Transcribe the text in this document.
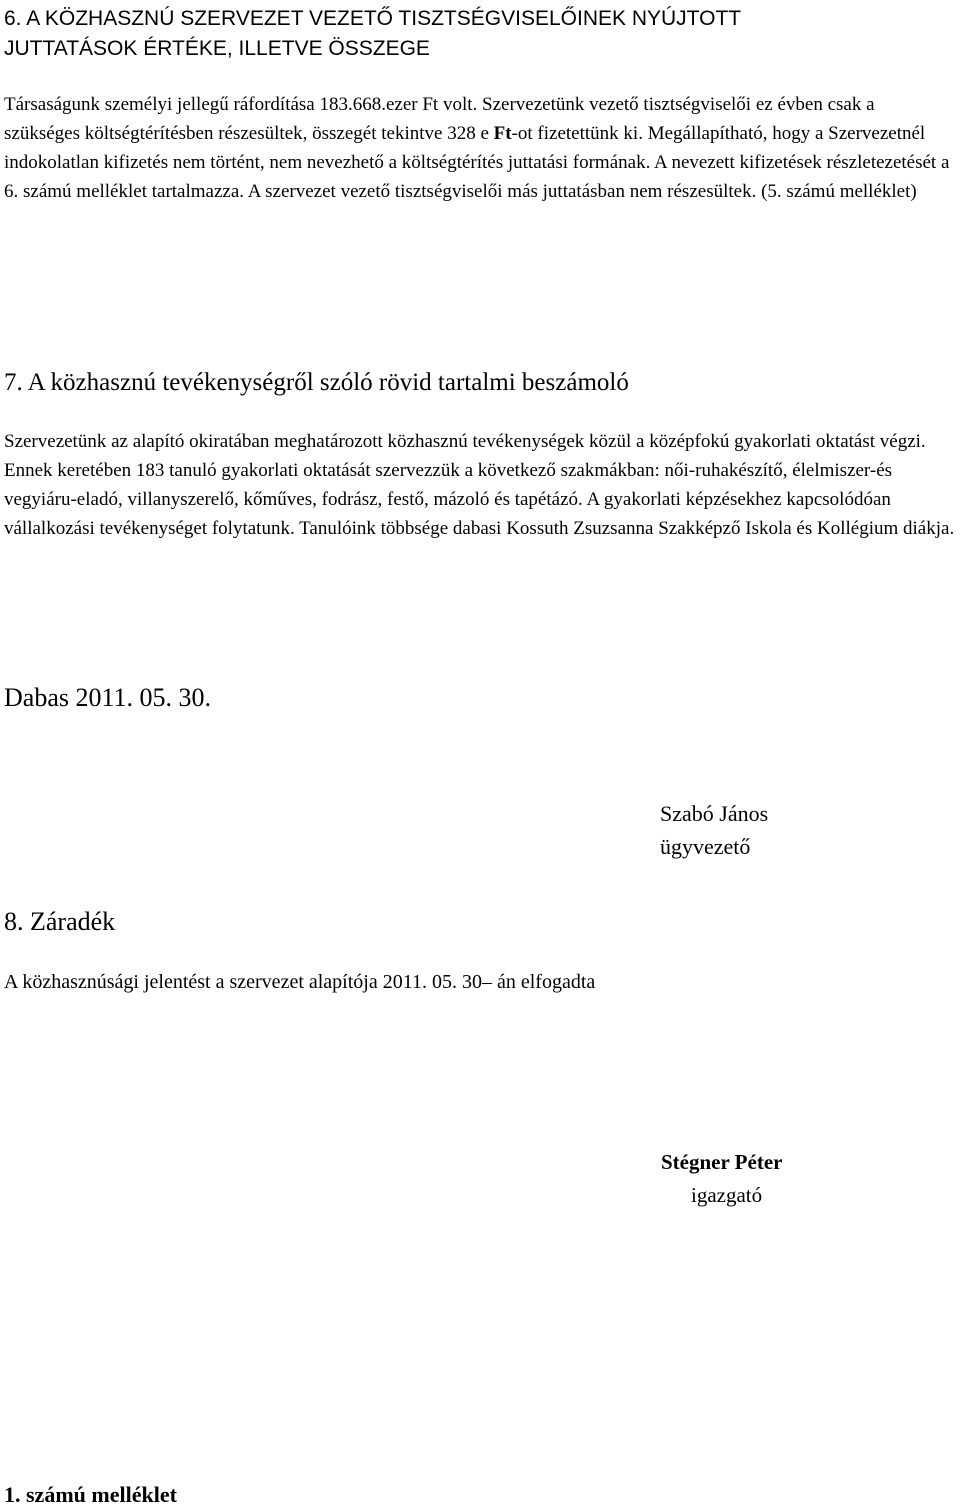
6. A KÖZHASZNÚ SZERVEZET VEZETŐ TISZTSÉGVISELŐINEK NYÚJTOTT
JUTTATÁSOK ÉRTÉKE, ILLETVE ÖSSZEGE

Társaságunk személyi jellegű ráfordítása 183.668.ezer Ft volt. Szervezetünk vezető tisztségviselői ez évben csak a szükséges költségtérítésben részesültek, összegét tekintve 328 e Ft-ot fizetettünk ki. Megállapítható, hogy a Szervezetnél indokolatlan kifizetés nem történt, nem nevezhető a költségtérítés juttatási formának. A nevezett kifizetések részletezetését a 6. számú melléklet tartalmazza. A szervezet vezető tisztségviselői más juttatásban nem részesültek. (5. számú melléklet)

7. A közhasznú tevékenységről szóló rövid tartalmi beszámoló

Szervezetünk az alapító okiratában meghatározott közhasznú tevékenységek közül a középfokú gyakorlati oktatást végzi. Ennek keretében 183 tanuló gyakorlati oktatását szervezzük a következő szakmákban: női-ruhakészítő, élelmiszer-és vegyiáru-eladó, villanyszerelő, kőműves, fodrász, festő, mázoló és tapétázó. A gyakorlati képzésekhez kapcsolódóan vállalkozási tevékenységet folytatunk. Tanulóink többsége dabasi Kossuth Zsuzsanna Szakképző Iskola és Kollégium diákja.

Dabas 2011. 05. 30.

Szabó János
ügyvezető
8. Záradék

A közhasznúsági jelentést a szervezet alapítója 2011. 05. 30– án elfogadta

Stégner Péter
igazgató
1. számú melléklet
